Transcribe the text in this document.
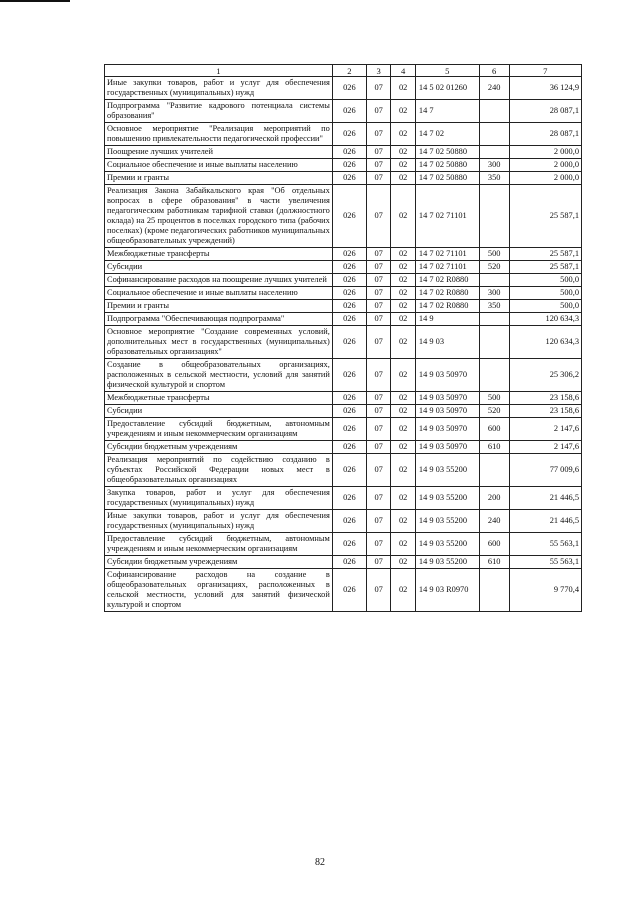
1	2	3	4	5	6	7
Иные закупки товаров, работ и услуг для обеспечения государственных (муниципальных) нужд	026	07	02	14 5 02 01260	240	36 124,9
Подпрограмма "Развитие кадрового потенциала системы образования"	026	07	02	14 7		28 087,1
Основное мероприятие "Реализация мероприятий по повышению привлекательности педагогической профессии"	026	07	02	14 7 02		28 087,1
Поощрение лучших учителей	026	07	02	14 7 02 50880		2 000,0
Социальное обеспечение и иные выплаты населению	026	07	02	14 7 02 50880	300	2 000,0
Премии и гранты	026	07	02	14 7 02 50880	350	2 000,0
Реализация Закона Забайкальского края "Об отдельных вопросах в сфере образования" в части увеличения педагогическим работникам тарифной ставки (должностного оклада) на 25 процентов в поселках городского типа (рабочих поселках) (кроме педагогических работников муниципальных общеобразовательных учреждений)	026	07	02	14 7 02 71101		25 587,1
Межбюджетные трансферты	026	07	02	14 7 02 71101	500	25 587,1
Субсидии	026	07	02	14 7 02 71101	520	25 587,1
Софинансирование расходов на поощрение лучших учителей	026	07	02	14 7 02 R0880		500,0
Социальное обеспечение и иные выплаты населению	026	07	02	14 7 02 R0880	300	500,0
Премии и гранты	026	07	02	14 7 02 R0880	350	500,0
Подпрограмма "Обеспечивающая подпрограмма"	026	07	02	14 9		120 634,3
Основное мероприятие "Создание современных условий, дополнительных мест в государственных (муниципальных) образовательных организациях"	026	07	02	14 9 03		120 634,3
Создание в общеобразовательных организациях, расположенных в сельской местности, условий для занятий физической культурой и спортом	026	07	02	14 9 03 50970		25 306,2
Межбюджетные трансферты	026	07	02	14 9 03 50970	500	23 158,6
Субсидии	026	07	02	14 9 03 50970	520	23 158,6
Предоставление субсидий бюджетным, автономным учреждениям и иным некоммерческим организациям	026	07	02	14 9 03 50970	600	2 147,6
Субсидии бюджетным учреждениям	026	07	02	14 9 03 50970	610	2 147,6
Реализация мероприятий по содействию созданию в субъектах Российской Федерации новых мест в общеобразовательных организациях	026	07	02	14 9 03 55200		77 009,6
Закупка товаров, работ и услуг для обеспечения государственных (муниципальных) нужд	026	07	02	14 9 03 55200	200	21 446,5
Иные закупки товаров, работ и услуг для обеспечения государственных (муниципальных) нужд	026	07	02	14 9 03 55200	240	21 446,5
Предоставление субсидий бюджетным, автономным учреждениям и иным некоммерческим организациям	026	07	02	14 9 03 55200	600	55 563,1
Субсидии бюджетным учреждениям	026	07	02	14 9 03 55200	610	55 563,1
Софинансирование расходов на создание в общеобразовательных организациях, расположенных в сельской местности, условий для занятий физической культурой и спортом	026	07	02	14 9 03 R0970		9 770,4
82
